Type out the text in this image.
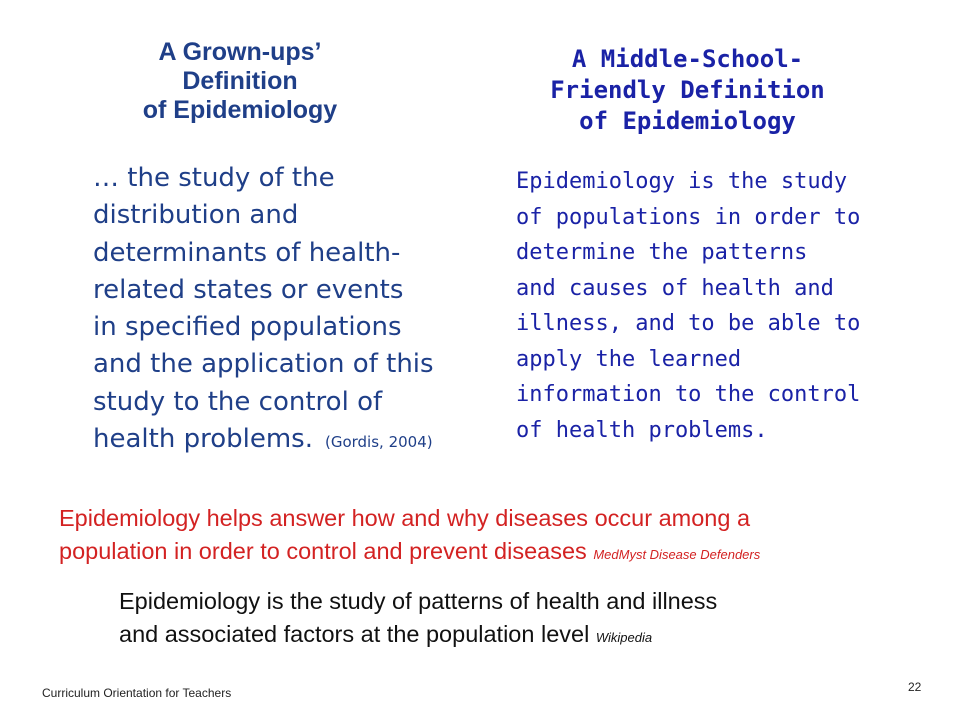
A Grown-ups’
Definition
of Epidemiology
A Middle-School-
Friendly Definition
of Epidemiology
… the study of the
distribution and
determinants of health-
related states or events
in specified populations
and the application of this
study to the control of
health problems. (Gordis, 2004)
Epidemiology is the study
of populations in order to
determine the patterns
and causes of health and
illness, and to be able to
apply the learned
information to the control
of health problems.
Epidemiology helps answer how and why diseases occur among a
population in order to control and prevent diseases MedMyst Disease Defenders
Epidemiology is the study of patterns of health and illness
and associated factors at the population level Wikipedia
Curriculum Orientation for Teachers	22
